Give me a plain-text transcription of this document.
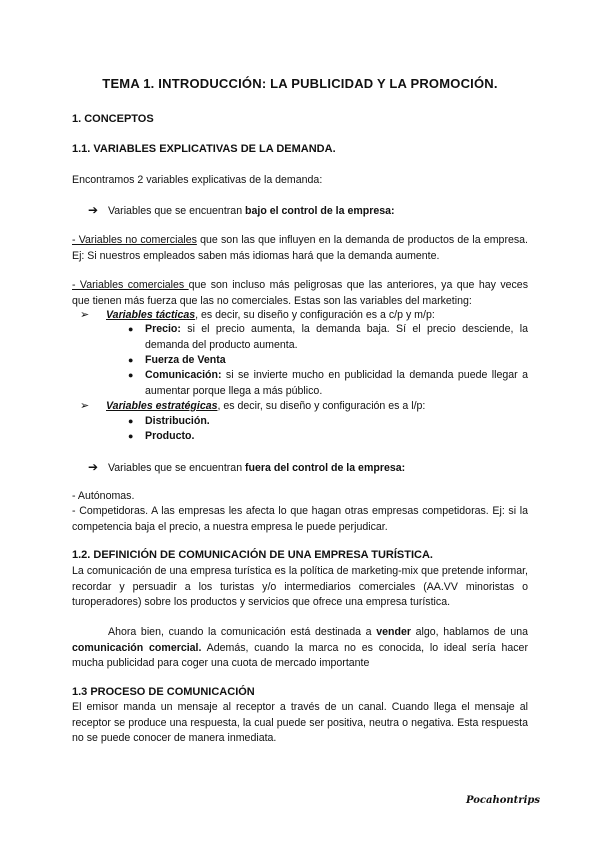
TEMA 1. INTRODUCCIÓN: LA PUBLICIDAD Y LA PROMOCIÓN.
1. CONCEPTOS
1.1. VARIABLES EXPLICATIVAS DE LA DEMANDA.
Encontramos 2 variables explicativas de la demanda:
➔ Variables que se encuentran bajo el control de la empresa:

- Variables no comerciales que son las que influyen en la demanda de productos de la empresa. Ej: Si nuestros empleados saben más idiomas hará que la demanda aumente.

- Variables comerciales que son incluso más peligrosas que las anteriores, ya que hay veces que tienen más fuerza que las no comerciales. Estas son las variables del marketing:

➢ Variables tácticas, es decir, su diseño y configuración es a c/p y m/p:
●	Precio: si el precio aumenta, la demanda baja. Sí el precio desciende, la demanda del producto aumenta.
●	Fuerza de Venta
●	Comunicación: si se invierte mucho en publicidad la demanda puede llegar a aumentar porque llega a más público.
➢ Variables estratégicas, es decir, su diseño y configuración es a l/p:
●	Distribución.
●	Producto.
➔ Variables que se encuentran fuera del control de la empresa:
- Autónomas.

- Competidoras. A las empresas les afecta lo que hagan otras empresas competidoras. Ej: si la competencia baja el precio, a nuestra empresa le puede perjudicar.

1.2. DEFINICIÓN DE COMUNICACIÓN DE UNA EMPRESA TURÍSTICA.

La comunicación de una empresa turística es la política de marketing-mix que pretende informar, recordar y persuadir a los turistas y/o intermediarios comerciales (AA.VV minoristas o turoperadores) sobre los productos y servicios que ofrece una empresa turística.

Ahora bien, cuando la comunicación está destinada a vender algo, hablamos de una comunicación comercial. Además, cuando la marca no es conocida, lo ideal sería hacer mucha publicidad para coger una cuota de mercado importante

1.3 PROCESO DE COMUNICACIÓN

El emisor manda un mensaje al receptor a través de un canal. Cuando llega el mensaje al receptor se produce una respuesta, la cual puede ser positiva, neutra o negativa. Esta respuesta no se puede conocer de manera inmediata.

Pocahontrips
